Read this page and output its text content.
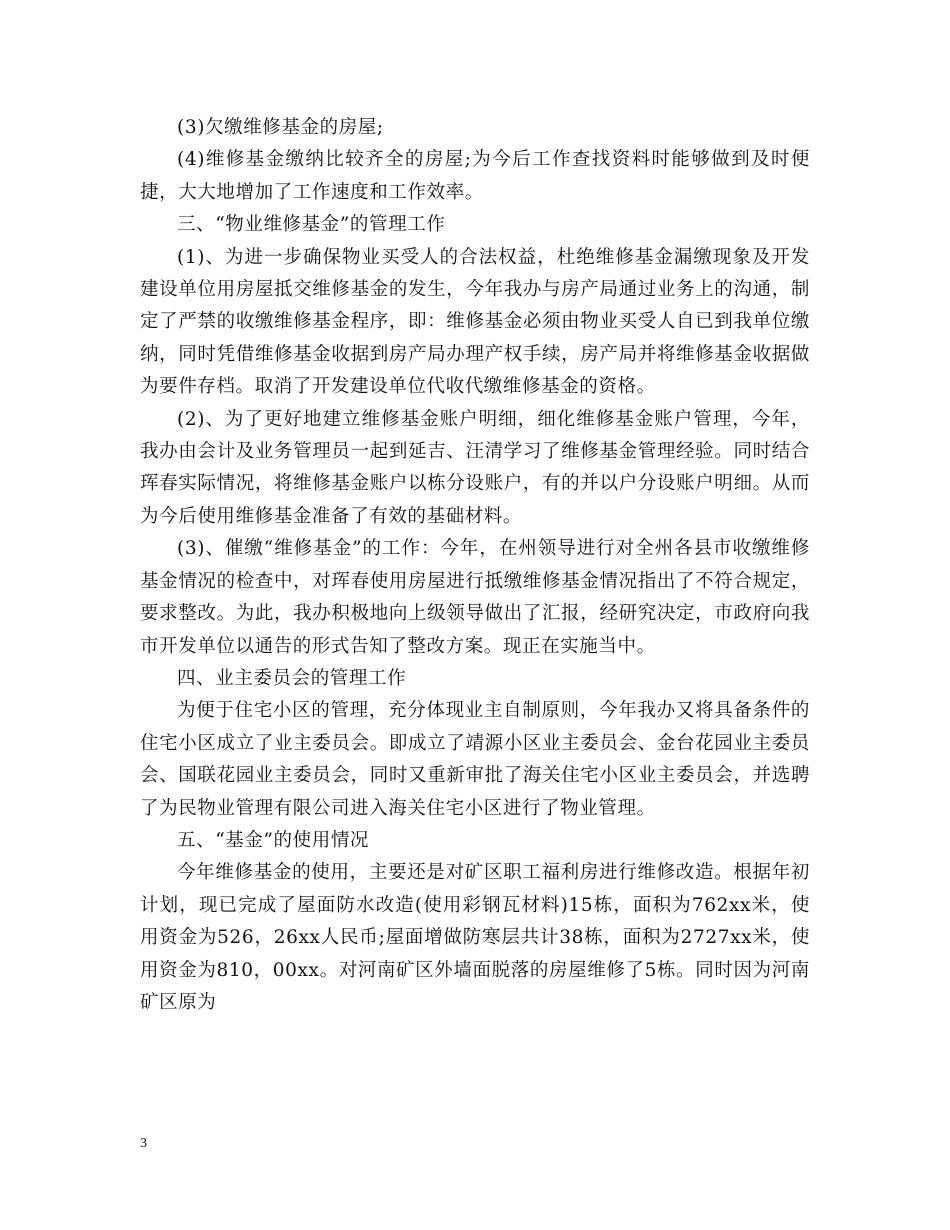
(3)欠缴维修基金的房屋;

(4)维修基金缴纳比较齐全的房屋;为今后工作查找资料时能够做到及时便捷，大大地增加了工作速度和工作效率。

三、“物业维修基金”的管理工作

(1)、为进一步确保物业买受人的合法权益，杜绝维修基金漏缴现象及开发建设单位用房屋抵交维修基金的发生，今年我办与房产局通过业务上的沟通，制定了严禁的收缴维修基金程序，即：维修基金必须由物业买受人自已到我单位缴纳，同时凭借维修基金收据到房产局办理产权手续，房产局并将维修基金收据做为要件存档。取消了开发建设单位代收代缴维修基金的资格。

(2)、为了更好地建立维修基金账户明细，细化维修基金账户管理，今年，我办由会计及业务管理员一起到延吉、汪清学习了维修基金管理经验。同时结合珲春实际情况，将维修基金账户以栋分设账户，有的并以户分设账户明细。从而为今后使用维修基金准备了有效的基础材料。

(3)、催缴“维修基金”的工作：今年，在州领导进行对全州各县市收缴维修基金情况的检查中，对珲春使用房屋进行抵缴维修基金情况指出了不符合规定，要求整改。为此，我办积极地向上级领导做出了汇报，经研究决定，市政府向我市开发单位以通告的形式告知了整改方案。现正在实施当中。

四、业主委员会的管理工作

为便于住宅小区的管理，充分体现业主自制原则，今年我办又将具备条件的住宅小区成立了业主委员会。即成立了靖源小区业主委员会、金台花园业主委员会、国联花园业主委员会，同时又重新审批了海关住宅小区业主委员会，并选聘了为民物业管理有限公司进入海关住宅小区进行了物业管理。

五、“基金”的使用情况

今年维修基金的使用，主要还是对矿区职工福利房进行维修改造。根据年初计划，现已完成了屋面防水改造(使用彩钢瓦材料)15栋，面积为762xx米，使用资金为526，26xx人民币;屋面增做防寒层共计38栋，面积为2727xx米，使用资金为810，00xx。对河南矿区外墙面脱落的房屋维修了5栋。同时因为河南矿区原为

3
